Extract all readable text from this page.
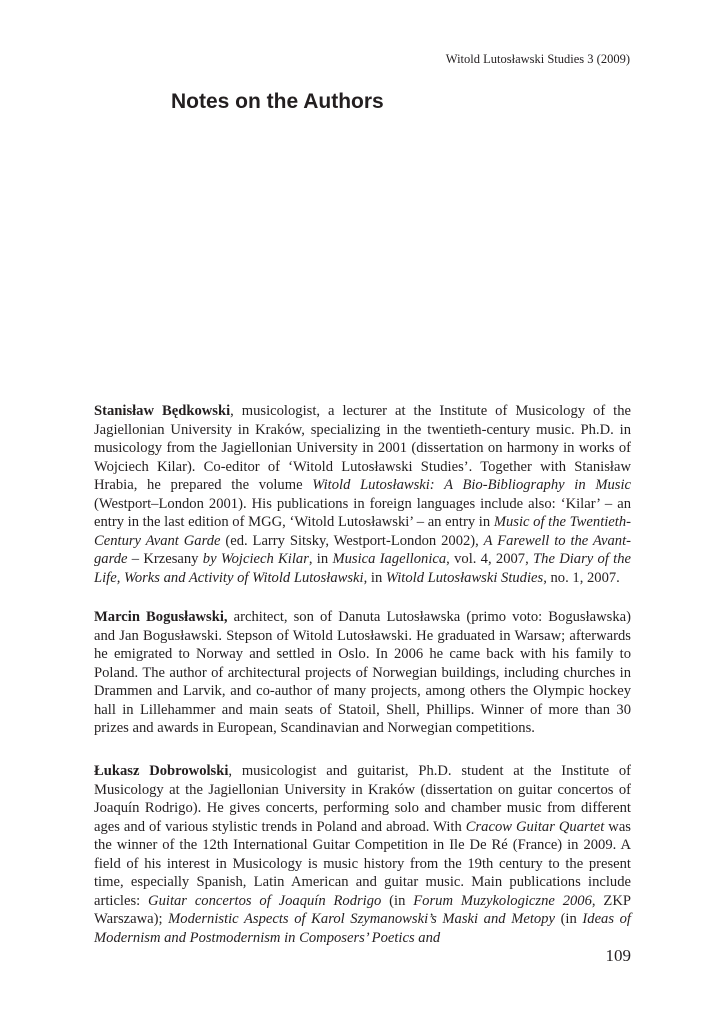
Witold Lutosławski Studies 3 (2009)
Notes on the Authors

Stanisław Będkowski, musicologist, a lecturer at the Institute of Musicology of the Jagiellonian University in Kraków, specializing in the twentieth-century music. Ph.D. in musicology from the Jagiellonian University in 2001 (dissertation on harmony in works of Wojciech Kilar). Co-editor of ‘Witold Lutosławski Studies’. Together with Stanisław Hrabia, he prepared the volume Witold Lutosławski: A Bio-Bibliography in Music (Westport–London 2001). His publications in foreign languages include also: ‘Kilar’ – an entry in the last edition of MGG, ‘Witold Lutosławski’ – an entry in Music of the Twentieth-Century Avant Garde (ed. Larry Sitsky, Westport-London 2002), A Farewell to the Avant-garde – Krzesany by Wojciech Kilar, in Musica Iagellonica, vol. 4, 2007, The Diary of the Life, Works and Activity of Witold Lutosławski, in Witold Lutosławski Studies, no. 1, 2007.

Marcin Bogusławski, architect, son of Danuta Lutosławska (primo voto: Bogusławska) and Jan Bogusławski. Stepson of Witold Lutosławski. He graduated in Warsaw; afterwards he emigrated to Norway and settled in Oslo. In 2006 he came back with his family to Poland. The author of architectural projects of Norwegian buildings, including churches in Drammen and Larvik, and co-author of many projects, among others the Olympic hockey hall in Lillehammer and main seats of Statoil, Shell, Phillips. Winner of more than 30 prizes and awards in European, Scandinavian and Norwegian competitions.

Łukasz Dobrowolski, musicologist and guitarist, Ph.D. student at the Institute of Musicology at the Jagiellonian University in Kraków (dissertation on guitar concertos of Joaquín Rodrigo). He gives concerts, performing solo and chamber music from different ages and of various stylistic trends in Poland and abroad. With Cracow Guitar Quartet was the winner of the 12th International Guitar Competition in Ile De Ré (France) in 2009. A field of his interest in Musicology is music history from the 19th century to the present time, especially Spanish, Latin American and guitar music. Main publications include articles: Guitar concertos of Joaquín Rodrigo (in Forum Muzykologiczne 2006, ZKP Warszawa); Modernistic Aspects of Karol Szymanowski’s Maski and Metopy (in Ideas of Modernism and Postmodernism in Composers’ Poetics and

109
